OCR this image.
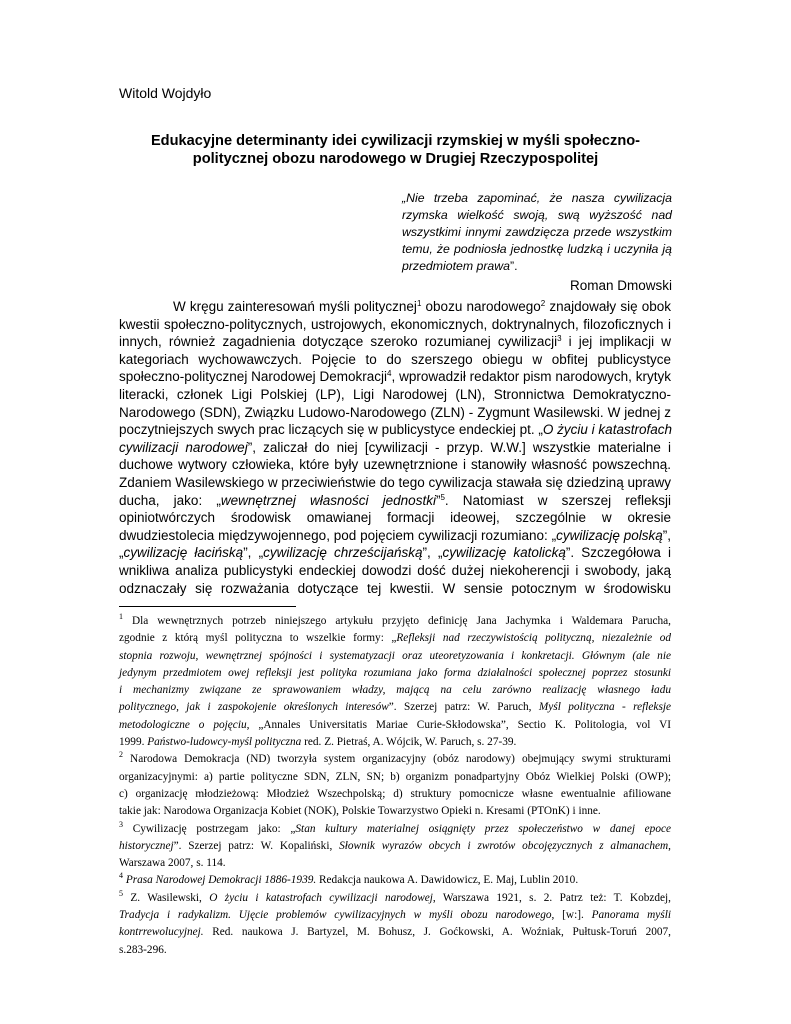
Witold Wojdyło
Edukacyjne determinanty idei cywilizacji rzymskiej w myśli społeczno-
politycznej obozu narodowego w Drugiej Rzeczypospolitej
„Nie trzeba zapominać, że nasza cywilizacja
rzymska wielkość swoją, swą wyższość nad
wszystkimi innymi zawdzięcza przede wszystkim
temu, że podniosła jednostkę ludzką i uczyniła ją
przedmiotem prawa”.
Roman Dmowski
W kręgu zainteresowań myśli politycznej$^1$ obozu narodowego$^2$ znajdowały się obok
kwestii społeczno-politycznych, ustrojowych, ekonomicznych, doktrynalnych, filozoficznych i
innych, również zagadnienia dotyczące szeroko rozumianej cywilizacji$^3$ i jej implikacji w
kategoriach wychowawczych. Pojęcie to do szerszego obiegu w obfitej publicystyce
społeczno-politycznej Narodowej Demokracji$^4$, wprowadził redaktor pism narodowych, krytyk
literacki, członek Ligi Polskiej (LP), Ligi Narodowej (LN), Stronnictwa Demokratyczno-
Narodowego (SDN), Związku Ludowo-Narodowego (ZLN) - Zygmunt Wasilewski. W jednej z
poczytniejszych swych prac liczących się w publicystyce endeckiej pt. „O życiu i katastrofach
cywilizacji narodowej”, zaliczał do niej [cywilizacji - przyp. W.W.] wszystkie materialne i
duchowe wytwory człowieka, które były uzewnętrznione i stanowiły własność powszechną.
Zdaniem Wasilewskiego w przeciwieństwie do tego cywilizacja stawała się dziedziną uprawy
ducha, jako: „wewnętrznej własności jednostki”$^5$. Natomiast w szerszej refleksji
opiniotwórczych środowisk omawianej formacji ideowej, szczególnie w okresie
dwudziestolecia międzywojennego, pod pojęciem cywilizacji rozumiano: „cywilizację polską”,
„cywilizację łacińską”, „cywilizację chrześcijańską”, „cywilizację katolicką”. Szczegółowa i
wnikliwa analiza publicystyki endeckiej dowodzi dość dużej niekoherencji i swobody, jaką
odznaczały się rozważania dotyczące tej kwestii. W sensie potocznym w środowisku
$^1$ Dla wewnętrznych potrzeb niniejszego artykułu przyjęto definicję Jana Jachymka i Waldemara Parucha,
zgodnie z którą myśl polityczna to wszelkie formy: „Refleksji nad rzeczywistością polityczną, niezależnie od
stopnia rozwoju, wewnętrznej spójności i systematyzacji oraz uteoretyzowania i konkretacji. Głównym (ale nie
jedynym przedmiotem owej refleksji jest polityka rozumiana jako forma działalności społecznej poprzez stosunki
i mechanizmy związane ze sprawowaniem władzy, mającą na celu zarówno realizację własnego ładu
politycznego, jak i zaspokojenie określonych interesów”. Szerzej patrz: W. Paruch, Myśl polityczna - refleksje
metodologiczne o pojęciu, „Annales Universitatis Mariae Curie-Skłodowska”, Sectio K. Politologia, vol VI
1999. Państwo-ludowcy-myśl polityczna red. Z. Pietraś, A. Wójcik, W. Paruch, s. 27-39.
$^2$ Narodowa Demokracja (ND) tworzyła system organizacyjny (obóz narodowy) obejmujący swymi strukturami
organizacyjnymi: a) partie polityczne SDN, ZLN, SN; b) organizm ponadpartyjny Obóz Wielkiej Polski (OWP);
c) organizację młodzieżową: Młodzież Wszechpolską; d) struktury pomocnicze własne ewentualnie afiliowane
takie jak: Narodowa Organizacja Kobiet (NOK), Polskie Towarzystwo Opieki n. Kresami (PTOnK) i inne.
$^3$ Cywilizację postrzegam jako: „Stan kultury materialnej osiągnięty przez społeczeństwo w danej epoce
historycznej”. Szerzej patrz: W. Kopaliński, Słownik wyrazów obcych i zwrotów obcojęzycznych z almanachem,
Warszawa 2007, s. 114.
$^4$ Prasa Narodowej Demokracji 1886-1939. Redakcja naukowa A. Dawidowicz, E. Maj, Lublin 2010.
$^5$ Z. Wasilewski, O życiu i katastrofach cywilizacji narodowej, Warszawa 1921, s. 2. Patrz też: T. Kobzdej,
Tradycja i radykalizm. Ujęcie problemów cywilizacyjnych w myśli obozu narodowego, [w:]. Panorama myśli
kontrrewolucyjnej. Red. naukowa J. Bartyzel, M. Bohusz, J. Goćkowski, A. Woźniak, Pułtusk-Toruń 2007,
s.283-296.
